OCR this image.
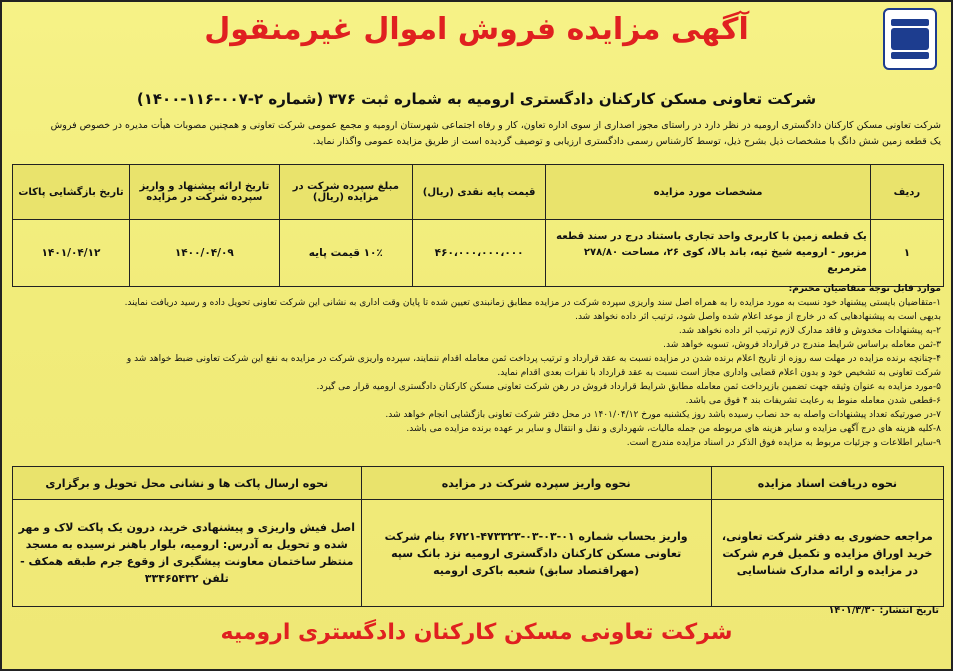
آگهی مزایده فروش اموال غیرمنقول
شرکت تعاونی مسکن کارکنان دادگستری ارومیه به شماره ثبت ۳۷۶ (شماره ۲-۰۰۷-۱۱۶-۱۴۰۰)
شرکت تعاونی مسکن کارکنان دادگستری ارومیه در نظر دارد در راستای مجوز اصداری از سوی اداره تعاون، کار و رفاه اجتماعی شهرستان ارومیه و مجمع عمومی شرکت تعاونی و همچنین مصوبات هیأت مدیره در خصوص فروش
یک قطعه زمین شش دانگ با مشخصات ذیل بشرح ذیل، توسط کارشناس رسمی دادگستری ارزیابی و توصیف گردیده است از طریق مزایده عمومی واگذار نماید.
ردیف	مشخصات مورد مزایده	قیمت پایه نقدی (ریال)	مبلغ سپرده شرکت در مزایده (ریال)	تاریخ ارائه پیشنهاد و واریز سپرده شرکت در مزایده	تاریخ بازگشایی پاکات
۱	یک قطعه زمین با کاربری واحد تجاری باستناد درج در سند قطعه مزبور - ارومیه شیخ تپه، باند بالا، کوی ۲۶، مساحت ۲۷۸/۸۰ مترمربع	۴۶۰،۰۰۰،۰۰۰،۰۰۰	۱۰٪ قیمت پایه	۱۴۰۰/۰۴/۰۹	۱۴۰۱/۰۴/۱۲
موارد قابل توجه متقاضیان محترم:
۱-متقاضیان بایستی پیشنهاد خود نسبت به مورد مزایده را به همراه اصل سند واریزی سپرده شرکت در مزایده مطابق زمانبندی تعیین شده تا پایان وقت اداری به نشانی این شرکت تعاونی تحویل داده و رسید دریافت نمایند.
بدیهی است به پیشنهادهایی که در خارج از موعد اعلام شده واصل شود، ترتیب اثر داده نخواهد شد.
۲-به پیشنهادات مخدوش و فاقد مدارک لازم ترتیب اثر داده نخواهد شد.
۳-ثمن معامله براساس شرایط مندرج در قرارداد فروش، تسویه خواهد شد.
۴-چنانچه برنده مزایده در مهلت سه روزه از تاریخ اعلام برنده شدن در مزایده نسبت به عقد قرارداد و ترتیب پرداخت ثمن معامله اقدام ننمایند، سپرده واریزی شرکت در مزایده به نفع این شرکت تعاونی ضبط خواهد شد و
شرکت تعاونی به تشخیص خود و بدون اعلام قضایی واداری مجاز است نسبت به عقد قرارداد با نفرات بعدی اقدام نماید.
۵-مورد مزایده به عنوان وثیقه جهت تضمین بازپرداخت ثمن معامله مطابق شرایط قرارداد فروش در رهن شرکت تعاونی مسکن کارکنان دادگستری ارومیه قرار می گیرد.
۶-قطعی شدن معامله منوط به رعایت تشریفات بند ۴ فوق می باشد.
۷-در صورتیکه تعداد پیشنهادات واصله به حد نصاب رسیده باشد روز یکشنبه مورخ ۱۴۰۱/۰۴/۱۲ در محل دفتر شرکت تعاونی بازگشایی انجام خواهد شد.
۸-کلیه هزینه های درج آگهی مزایده و سایر هزینه های مربوطه من جمله مالیات، شهرداری و نقل و انتقال و سایر بر عهده برنده مزایده می باشد.
۹-سایر اطلاعات و جزئیات مربوط به مزایده فوق الذکر در اسناد مزایده مندرج است.
نحوه دریافت اسناد مزایده	نحوه واریز سپرده شرکت در مزایده	نحوه ارسال پاکت ها و نشانی محل تحویل و برگزاری
مراجعه حضوری به دفتر شرکت تعاونی، خرید اوراق مزایده و تکمیل فرم شرکت در مزایده و ارائه مدارک شناسایی	واریز بحساب شماره ۰۱-۰۳-۰۳-۴۷۳۳۲۳-۶۷۲۱ بنام شرکت تعاونی مسکن کارکنان دادگستری ارومیه نزد بانک سپه (مهراقتصاد سابق) شعبه باکری ارومیه	اصل فیش واریزی و پیشنهادی خرید، درون یک پاکت لاک و مهر شده و تحویل به آدرس: ارومیه، بلوار باهنر نرسیده به مسجد منتظر ساختمان معاونت پیشگیری از وقوع جرم طبقه همکف - تلفن ۳۳۴۶۵۴۳۲
تاریخ انتشار: ۱۴۰۱/۳/۳۰
شرکت تعاونی مسکن کارکنان دادگستری ارومیه
